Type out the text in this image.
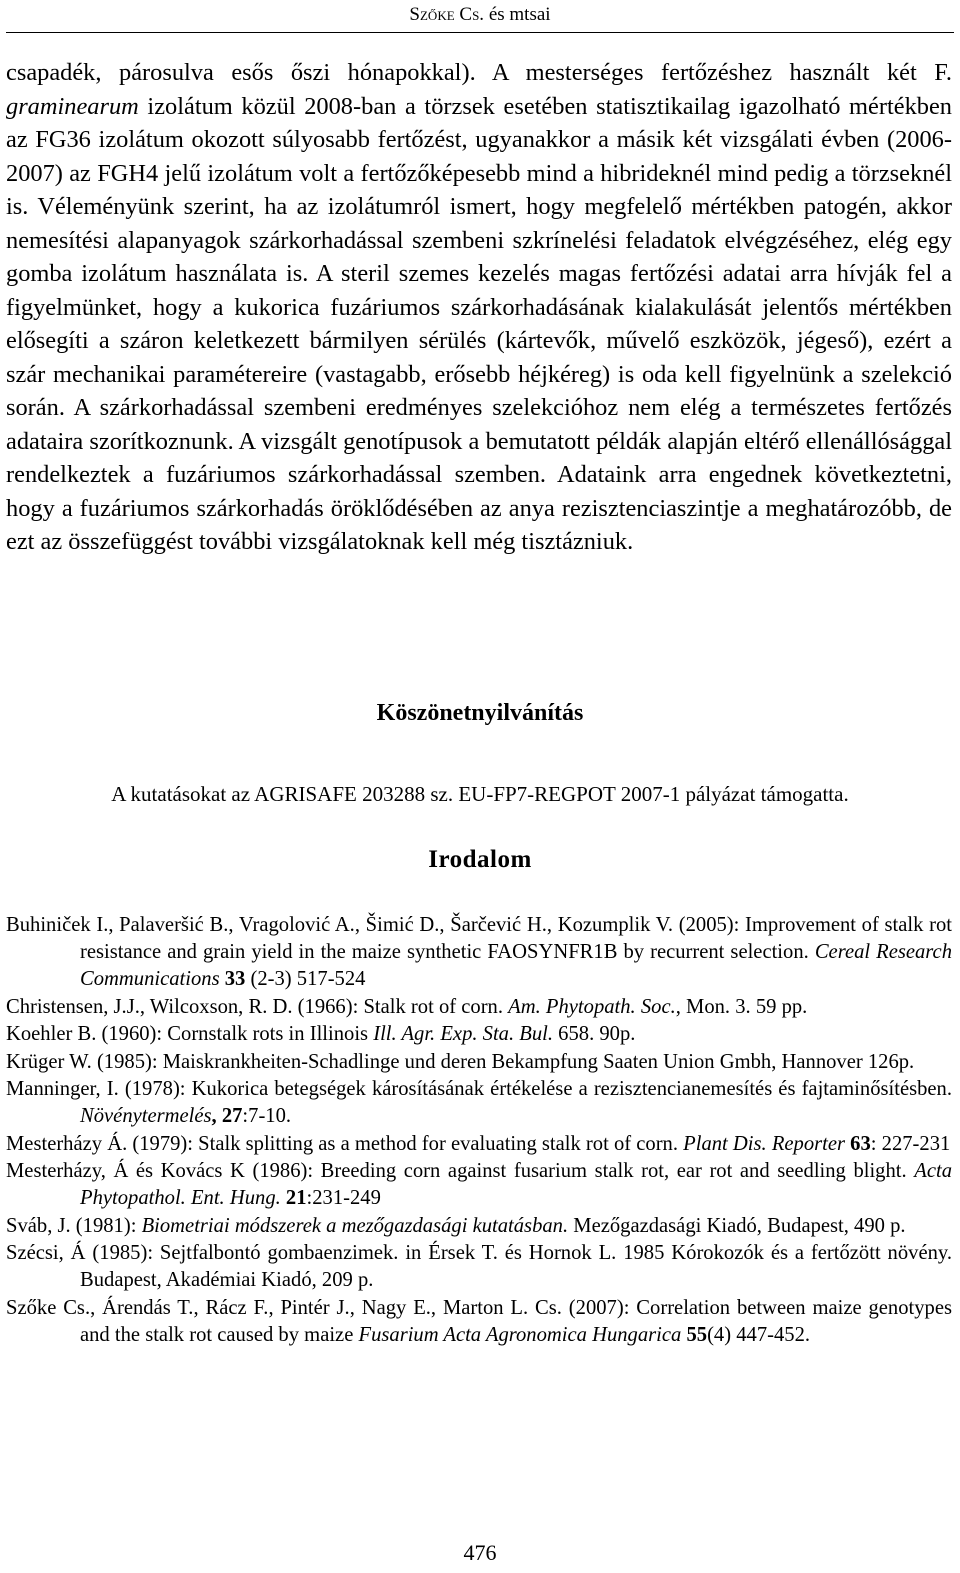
Szőke Cs. és mtsai

csapadék, párosulva esős őszi hónapokkal). A mesterséges fertőzéshez használt két F. graminearum izolátum közül 2008-ban a törzsek esetében statisztikailag igazolható mértékben az FG36 izolátum okozott súlyosabb fertőzést, ugyanakkor a másik két vizsgálati évben (2006-2007) az FGH4 jelű izolátum volt a fertőzőképesebb mind a hibrideknél mind pedig a törzseknél is. Véleményünk szerint, ha az izolátumról ismert, hogy megfelelő mértékben patogén, akkor nemesítési alapanyagok szárkorhadással szembeni szkrínelési feladatok elvégzéséhez, elég egy gomba izolátum használata is. A steril szemes kezelés magas fertőzési adatai arra hívják fel a figyelmünket, hogy a kukorica fuzáriumos szárkorhadásának kialakulását jelentős mértékben elősegíti a száron keletkezett bármilyen sérülés (kártevők, művelő eszközök, jégeső), ezért a szár mechanikai paramétereire (vastagabb, erősebb héjkéreg) is oda kell figyelnünk a szelekció során. A szárkorhadással szembeni eredményes szelekcióhoz nem elég a természetes fertőzés adataira szorítkoznunk. A vizsgált genotípusok a bemutatott példák alapján eltérő ellenállósággal rendelkeztek a fuzáriumos szárkorhadással szemben. Adataink arra engednek következtetni, hogy a fuzáriumos szárkorhadás öröklődésében az anya rezisztenciaszintje a meghatározóbb, de ezt az összefüggést további vizsgálatoknak kell még tisztázniuk.

Köszönetnyilvánítás
A kutatásokat az AGRISAFE 203288 sz. EU-FP7-REGPOT 2007-1 pályázat támogatta.
Irodalom

Buhiniček I., Palaveršić B., Vragolović A., Šimić D., Šarčević H., Kozumplik V. (2005): Improvement of stalk rot resistance and grain yield in the maize synthetic FAOSYNFR1B by recurrent selection. Cereal Research Communications 33 (2-3) 517-524

Christensen, J.J., Wilcoxson, R. D. (1966): Stalk rot of corn. Am. Phytopath. Soc., Mon. 3. 59 pp.

Koehler B. (1960): Cornstalk rots in Illinois Ill. Agr. Exp. Sta. Bul. 658. 90p.

Krüger W. (1985): Maiskrankheiten-Schadlinge und deren Bekampfung Saaten Union Gmbh, Hannover 126p.

Manninger, I. (1978): Kukorica betegségek károsításának értékelése a rezisztencianemesítés és fajtaminősítésben. Növénytermelés, 27:7-10.

Mesterházy Á. (1979): Stalk splitting as a method for evaluating stalk rot of corn. Plant Dis. Reporter 63: 227-231

Mesterházy, Á és Kovács K (1986): Breeding corn against fusarium stalk rot, ear rot and seedling blight. Acta Phytopathol. Ent. Hung. 21:231-249

Sváb, J. (1981): Biometriai módszerek a mezőgazdasági kutatásban. Mezőgazdasági Kiadó, Budapest, 490 p.

Szécsi, Á (1985): Sejtfalbontó gombaenzimek. in Érsek T. és Hornok L. 1985 Kórokozók és a fertőzött növény. Budapest, Akadémiai Kiadó, 209 p.

Szőke Cs., Árendás T., Rácz F., Pintér J., Nagy E., Marton L. Cs. (2007): Correlation between maize genotypes and the stalk rot caused by maize Fusarium Acta Agronomica Hungarica 55(4) 447-452.

476
